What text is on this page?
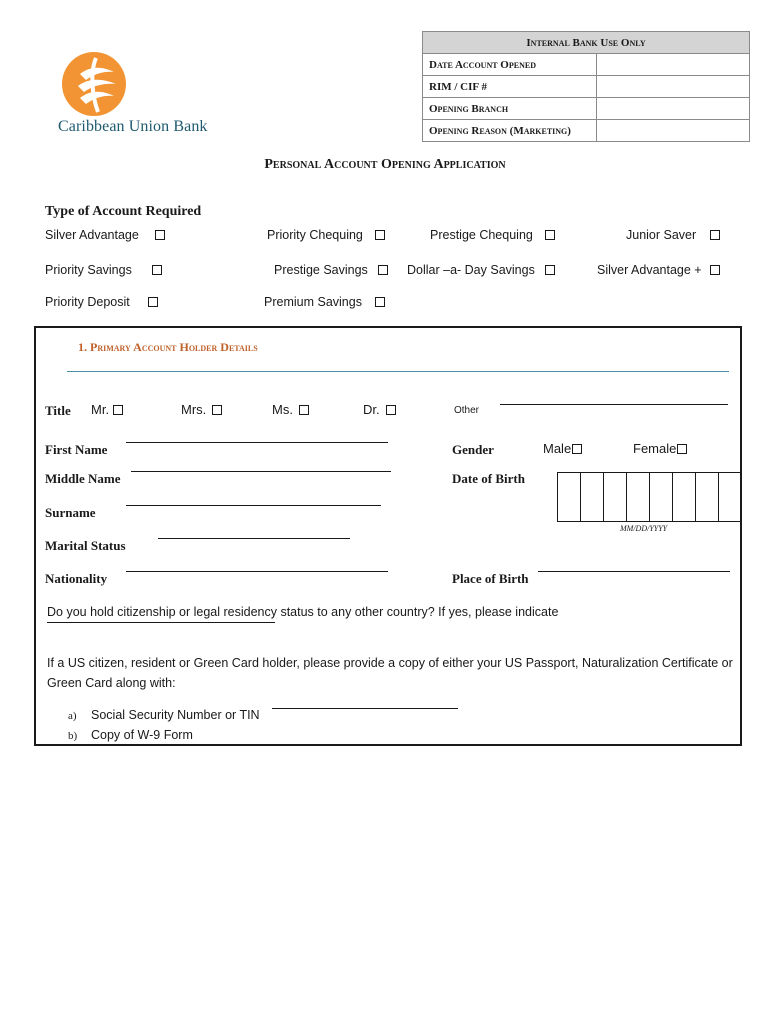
Caribbean Union Bank
Internal Bank Use Only	
Date Account Opened	
RIM / CIF #	
Opening Branch	
Opening Reason (Marketing)	
Personal Account Opening Application
Type of Account Required
Silver Advantage	Priority Chequing	Prestige Chequing	Junior Saver
Priority Savings	Prestige Savings	Dollar –a- Day Savings	Silver Advantage +
Priority Deposit	Premium Savings
1. Primary Account Holder Details
Title Mr.	Mrs.	Ms.	Dr.	Other
First Name	Gender	Male	Female
Middle Name	Date of Birth
MM/DD/YYYY
Surname
Marital Status
Nationality	Place of Birth
Do you hold citizenship or legal residency status to any other country? If yes, please indicate
If a US citizen, resident or Green Card holder, please provide a copy of either your US Passport, Naturalization Certificate or Green Card along with:
a) Social Security Number or TIN
b) Copy of W-9 Form
